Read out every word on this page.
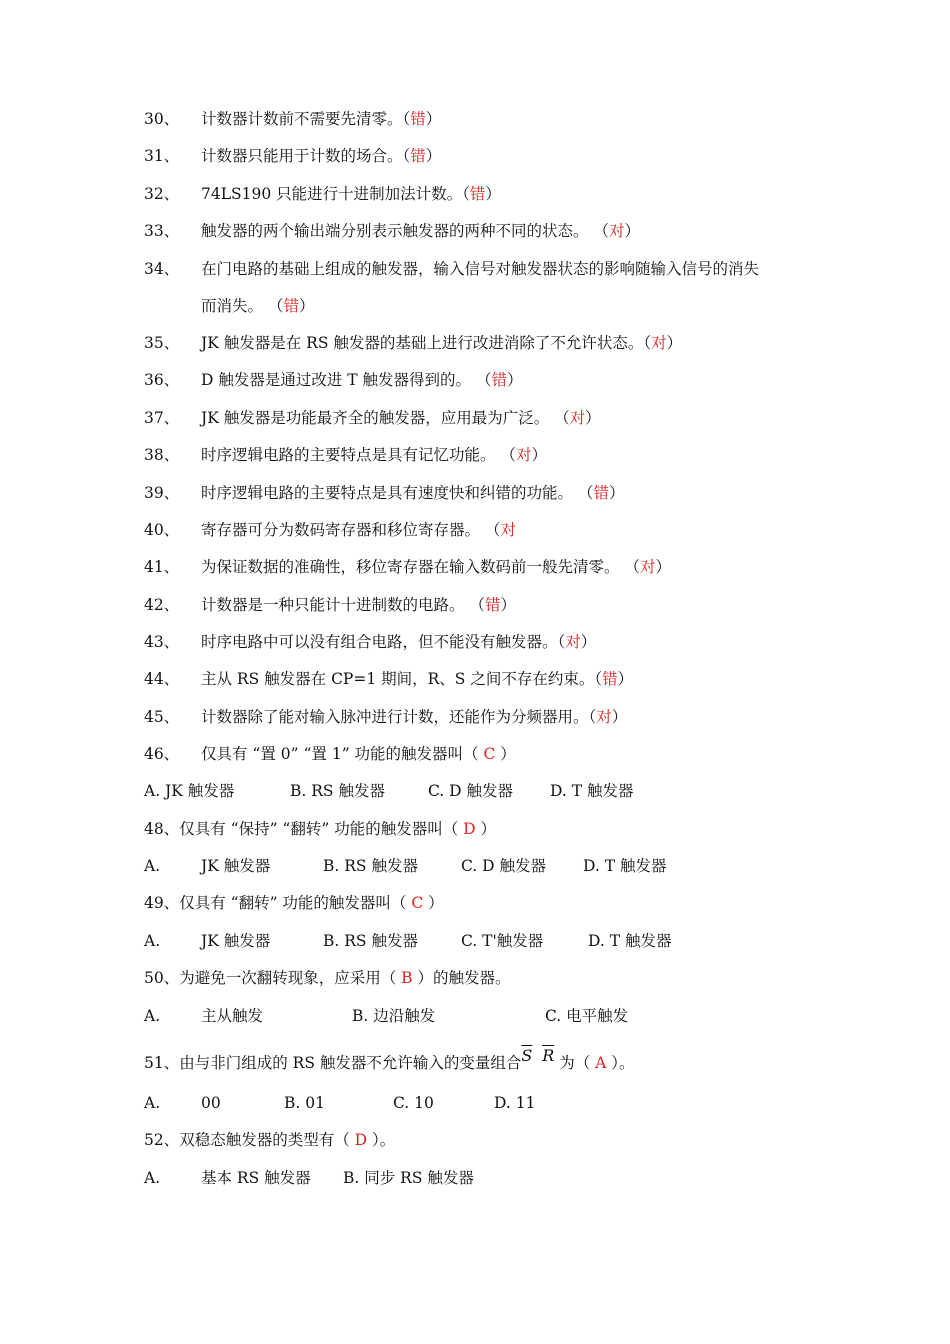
30、 计数器计数前不需要先清零。（错）
31、 计数器只能用于计数的场合。（错）
32、 74LS190 只能进行十进制加法计数。（错）
33、 触发器的两个输出端分别表示触发器的两种不同的状态。 （对）
34、 在门电路的基础上组成的触发器，输入信号对触发器状态的影响随输入信号的消失
而消失。 （错）
35、 JK 触发器是在 RS 触发器的基础上进行改进消除了不允许状态。（对）
36、 D 触发器是通过改进 T 触发器得到的。 （错）
37、 JK 触发器是功能最齐全的触发器，应用最为广泛。 （对）
38、 时序逻辑电路的主要特点是具有记忆功能。 （对）
39、 时序逻辑电路的主要特点是具有速度快和纠错的功能。 （错）
40、 寄存器可分为数码寄存器和移位寄存器。 （对
41、 为保证数据的准确性，移位寄存器在输入数码前一般先清零。 （对）
42、 计数器是一种只能计十进制数的电路。 （错）
43、 时序电路中可以没有组合电路，但不能没有触发器。（对）
44、 主从 RS 触发器在 CP=1 期间，R、S 之间不存在约束。（错）
45、 计数器除了能对输入脉冲进行计数，还能作为分频器用。（对）
46、 仅具有 “置 0” “置 1” 功能的触发器叫（ C ）
A. JK 触发器	B. RS 触发器	C. D 触发器 D. T 触发器
48、仅具有 “保持” “翻转” 功能的触发器叫（ D ）
A.	JK 触发器	B. RS 触发器	C. D 触发器 D. T 触发器
49、仅具有 “翻转” 功能的触发器叫（ C ）
A.	JK 触发器	B. RS 触发器	C. T'触发器	D. T 触发器
50、为避免一次翻转现象，应采用（ B ）的触发器。
A.	主从触发	B. 边沿触发	C. 电平触发
51、由与非门组成的 RS 触发器不允许输入的变量组合$\overline{S}$ $\overline{R}$ 为（ A ）。
A.	00	B. 01	C. 10	D. 11
52、双稳态触发器的类型有（ D ）。
A.	基本 RS 触发器 B. 同步 RS 触发器
